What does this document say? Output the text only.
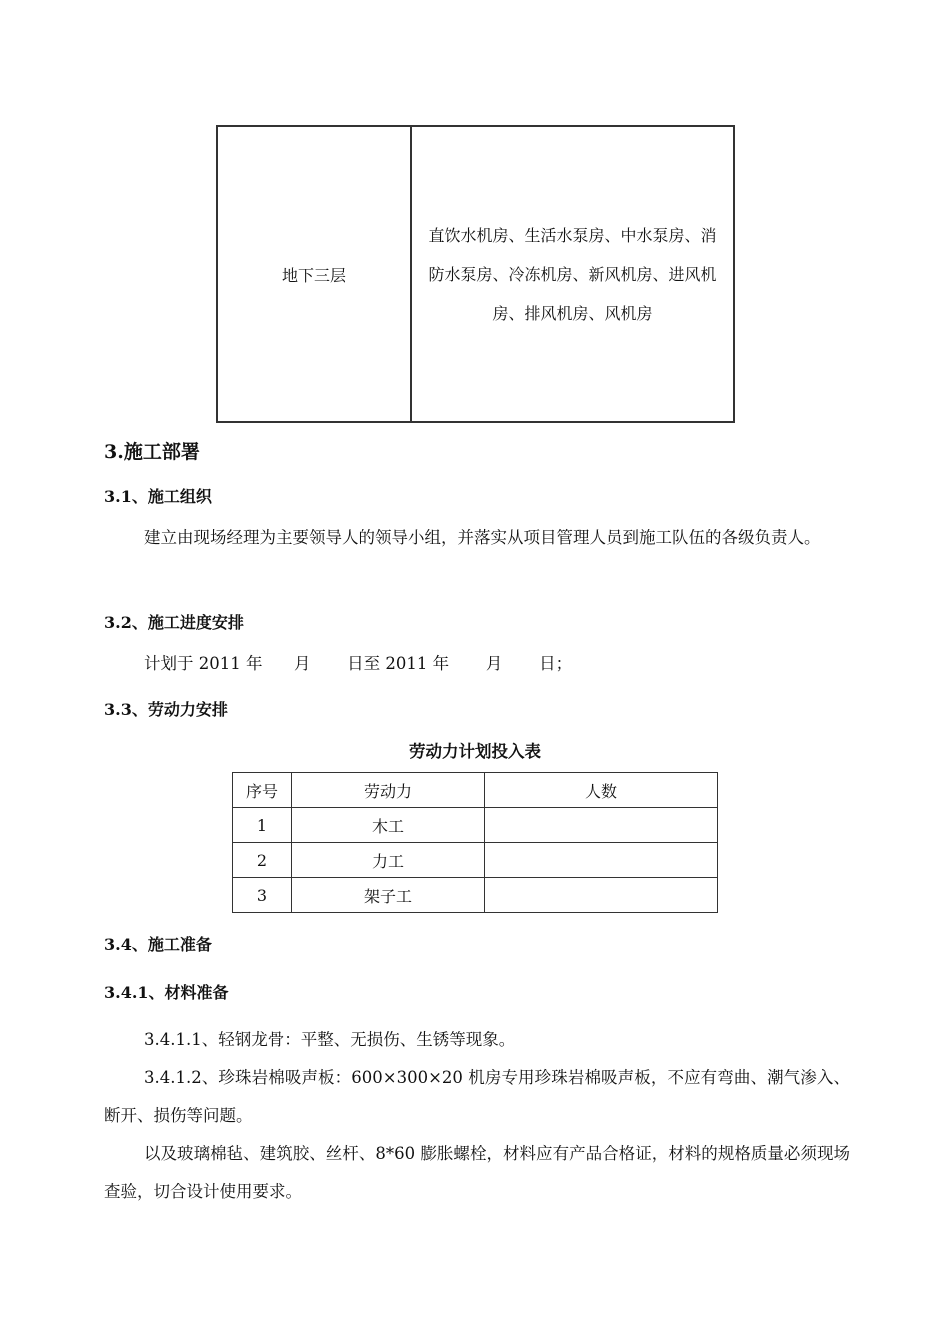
地下三层	
直饮水机房、生活水泵房、中水泵房、消
防水泵房、冷冻机房、新风机房、进风机
房、排风机房、风机房
3.施工部署
3.1、施工组织

建立由现场经理为主要领导人的领导小组，并落实从项目管理人员到施工队伍的各级负责人。

3.2、施工进度安排
计划于 2011 年      月       日至 2011 年       月       日；
3.3、劳动力安排
劳动力计划投入表
序号	劳动力	人数
1	木工	
2	力工	
3	架子工	
3.4、施工准备
3.4.1、材料准备

3.4.1.1、轻钢龙骨：平整、无损伤、生锈等现象。

3.4.1.2、珍珠岩棉吸声板：600×300×20 机房专用珍珠岩棉吸声板，不应有弯曲、潮气渗入、断开、损伤等问题。

以及玻璃棉毡、建筑胶、丝杆、8*60 膨胀螺栓，材料应有产品合格证，材料的规格质量必须现场查验，切合设计使用要求。
